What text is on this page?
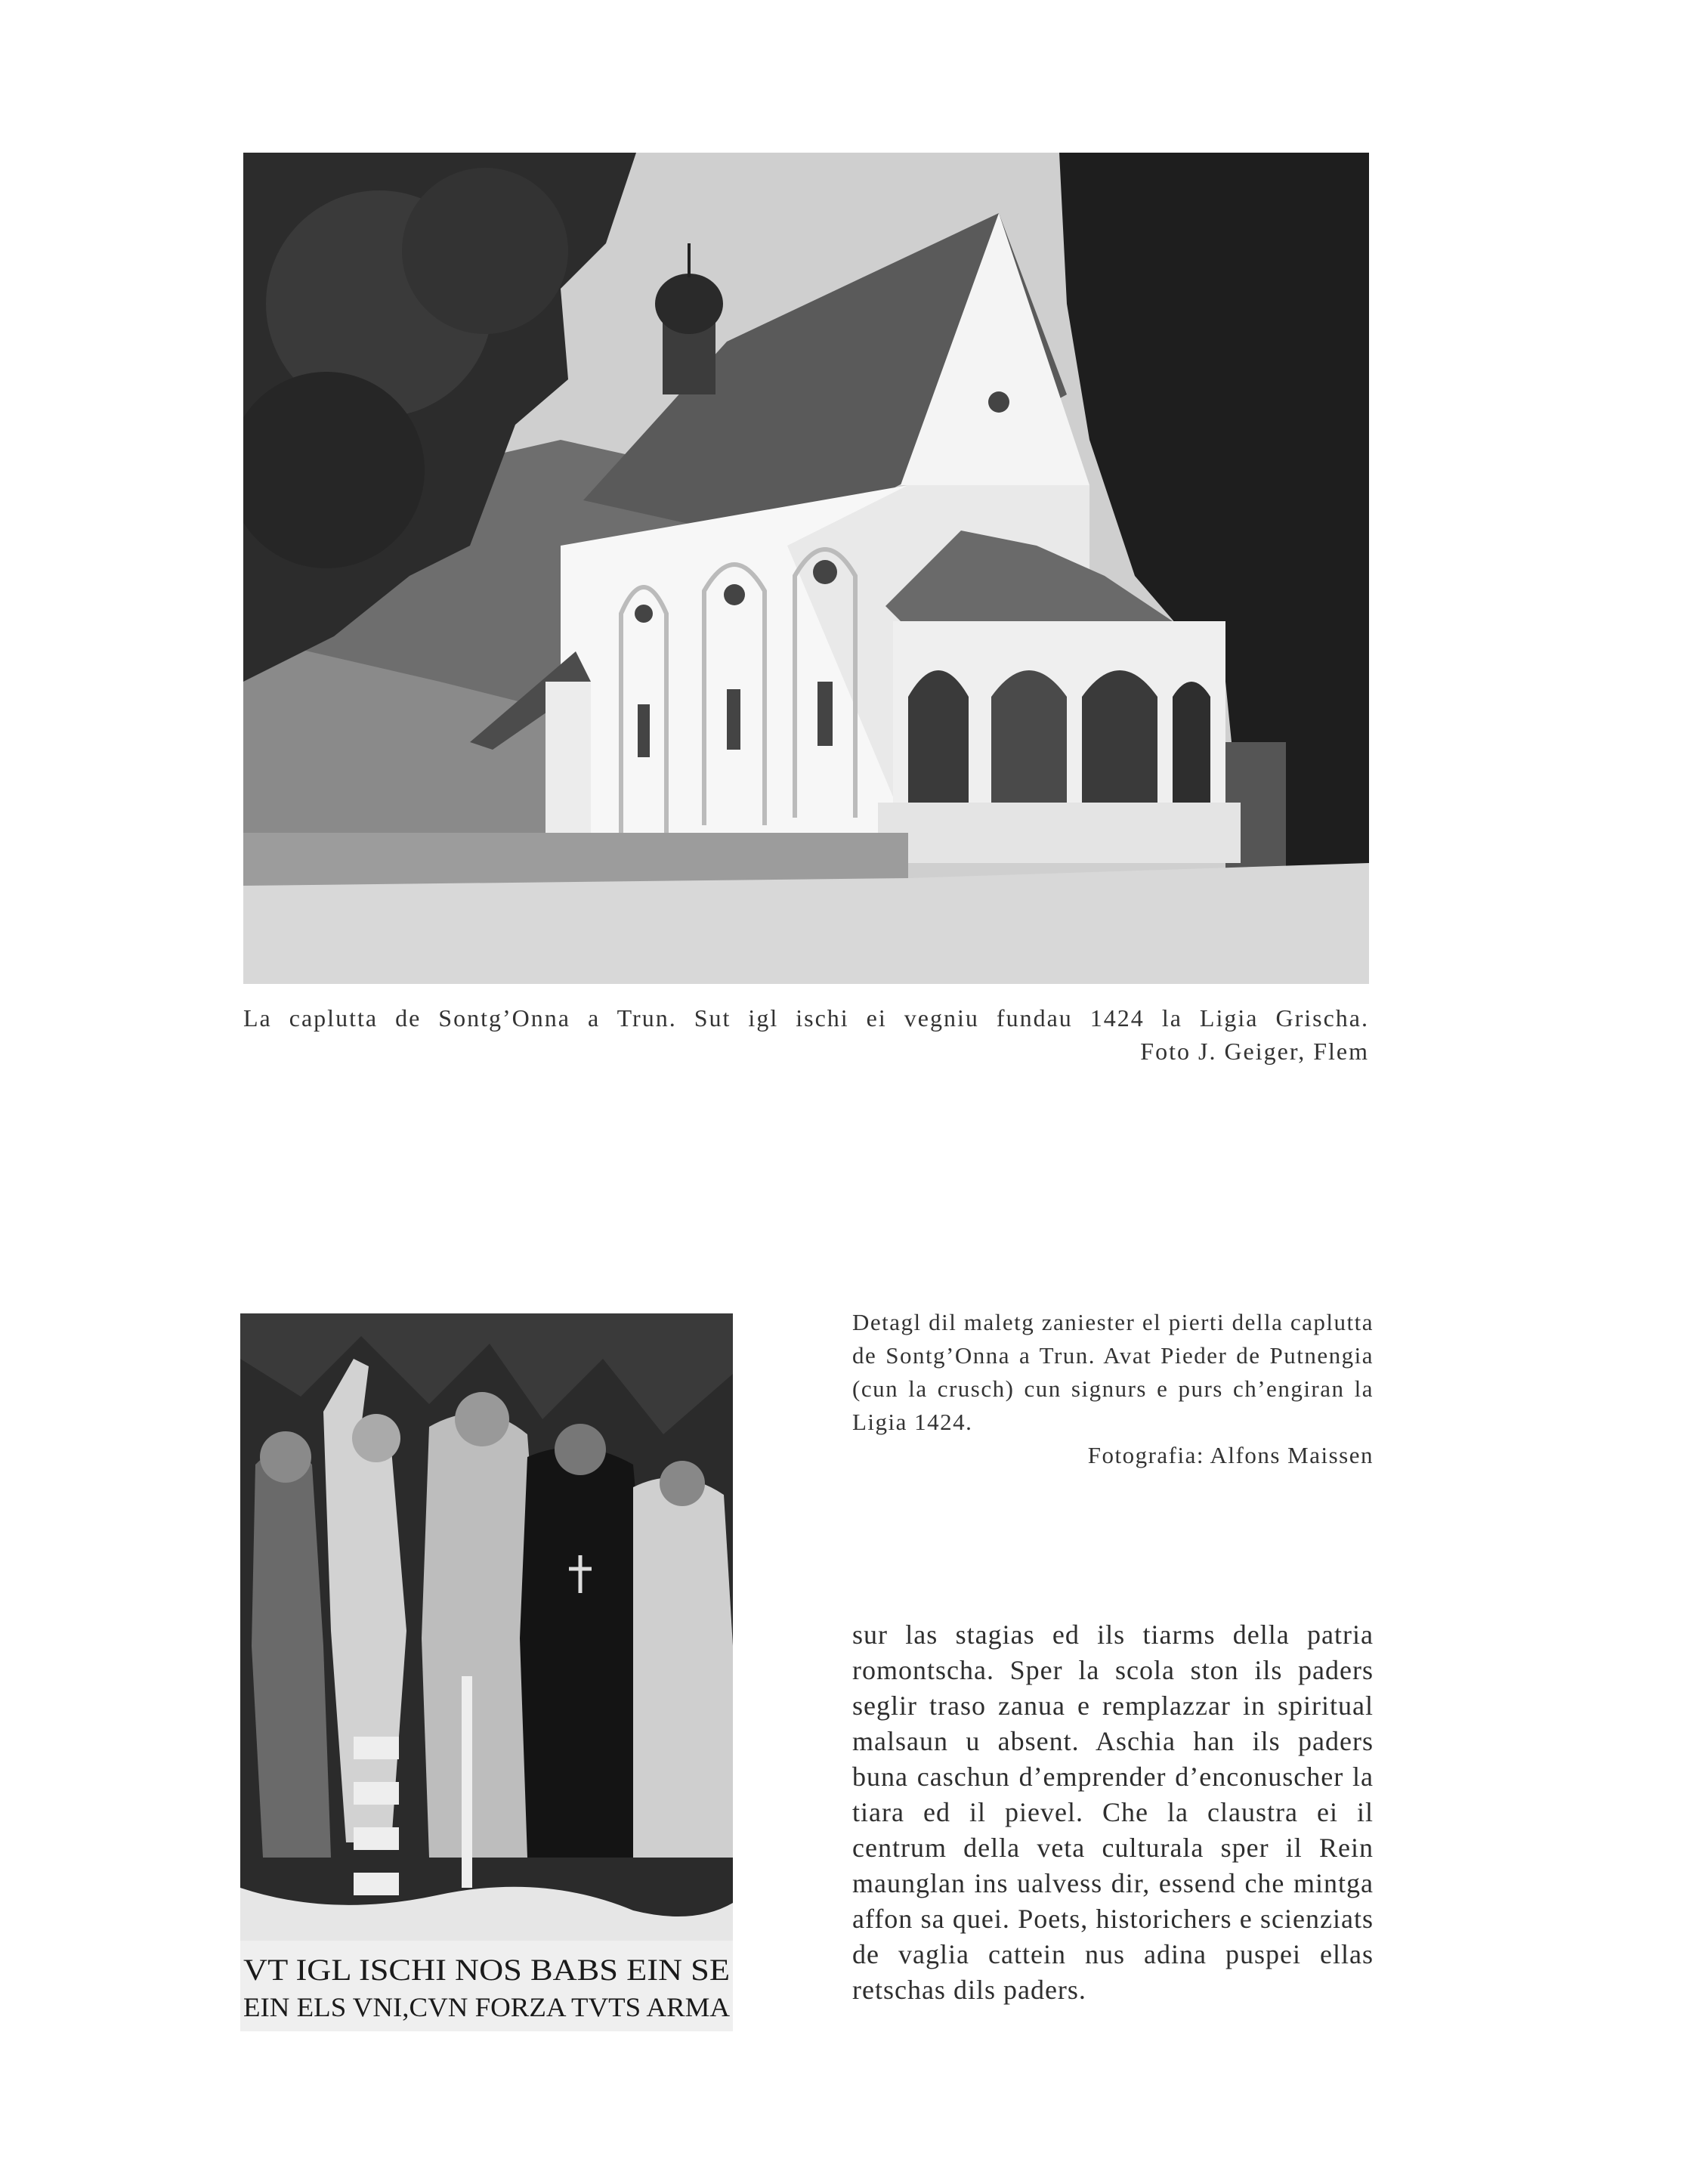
La caplutta de Sontg’Onna a Trun. Sut igl ischi ei vegniu fundau 1424 la Ligia Grischa.
Foto J. Geiger, Flem
VT IGL ISCHI NOS BABS EIN SE
EIN ELS VNI,CVN FORZA TVTS ARMA
Detagl dil maletg zaniester el pierti della caplutta de Sontg’Onna a Trun. Avat Pieder de Putnengia (cun la crusch) cun signurs e purs ch’engiran la Ligia 1424.
Fotografia: Alfons Maissen
sur las stagias ed ils tiarms della patria romontscha. Sper la scola ston ils paders seglir traso zanua e remplazzar in spiritual malsaun u absent. Aschia han ils paders buna caschun d’emprender d’enconuscher la tiara ed il pievel. Che la claustra ei il centrum della veta culturala sper il Rein maunglan ins ualvess dir, essend che mintga affon sa quei. Poets, historichers e scienziats de vaglia cattein nus adina puspei ellas retschas dils paders.
